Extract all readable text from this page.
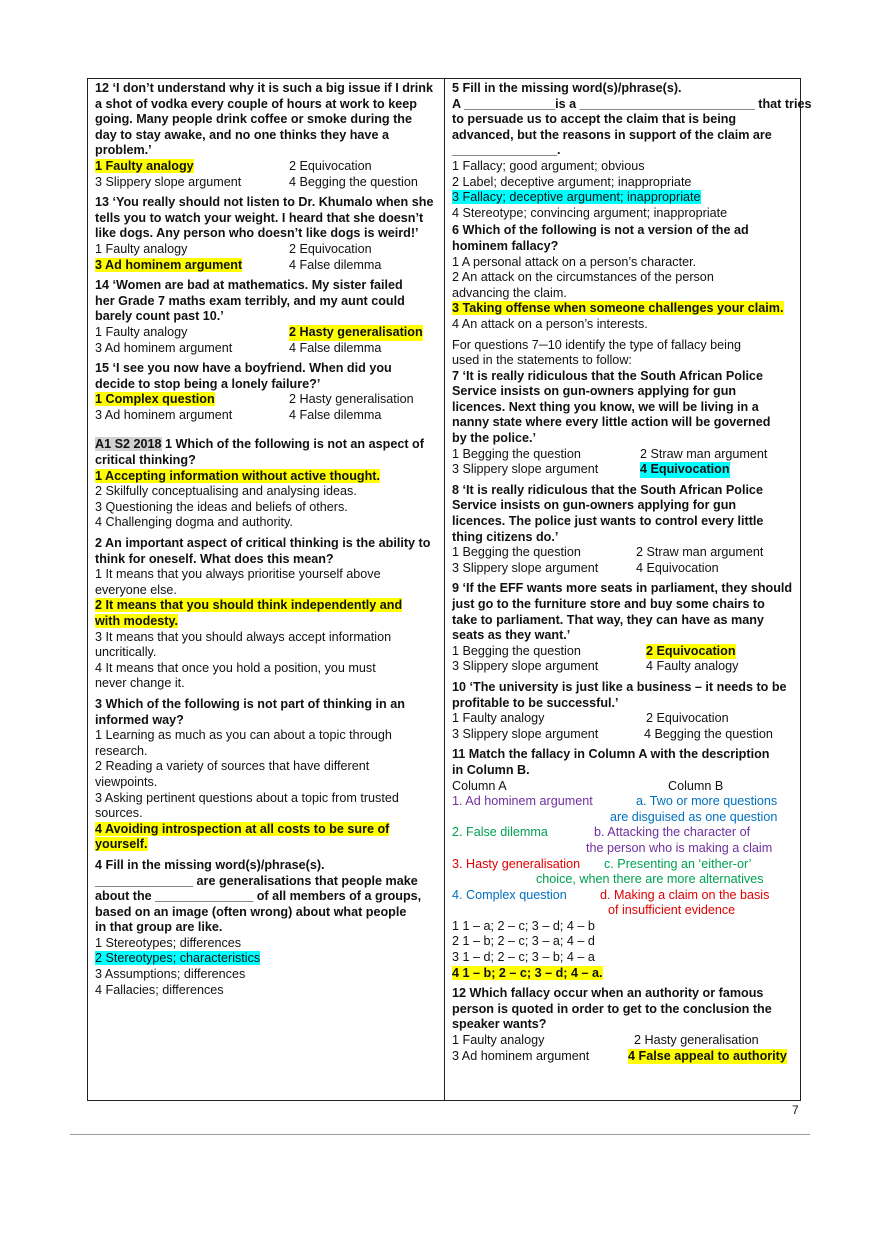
12 ‘I don’t understand why it is such a big issue if I drink
a shot of vodka every couple of hours at work to keep
going. Many people drink coffee or smoke during the
day to stay awake, and no one thinks they have a
problem.’
1 Faulty analogy	2 Equivocation
3 Slippery slope argument	4 Begging the question
13 ‘You really should not listen to Dr. Khumalo when she
tells you to watch your weight. I heard that she doesn’t
like dogs. Any person who doesn’t like dogs is weird!’
1 Faulty analogy	2 Equivocation
3 Ad hominem argument	4 False dilemma
14 ‘Women are bad at mathematics. My sister failed
her Grade 7 maths exam terribly, and my aunt could
barely count past 10.’
1 Faulty analogy	2 Hasty generalisation
3 Ad hominem argument	4 False dilemma
15 ‘I see you now have a boyfriend. When did you
decide to stop being a lonely failure?’
1 Complex question	2 Hasty generalisation
3 Ad hominem argument	4 False dilemma
A1 S2 2018 1 Which of the following is not an aspect of
critical thinking?
1 Accepting information without active thought.
2 Skilfully conceptualising and analysing ideas.
3 Questioning the ideas and beliefs of others.
4 Challenging dogma and authority.
2 An important aspect of critical thinking is the ability to
think for oneself. What does this mean?
1 It means that you always prioritise yourself above
everyone else.
2 It means that you should think independently and
with modesty.
3 It means that you should always accept information
uncritically.
4 It means that once you hold a position, you must
never change it.
3 Which of the following is not part of thinking in an
informed way?
1 Learning as much as you can about a topic through
research.
2 Reading a variety of sources that have different
viewpoints.
3 Asking pertinent questions about a topic from trusted
sources.
4 Avoiding introspection at all costs to be sure of
yourself.
4 Fill in the missing word(s)/phrase(s).
______________ are generalisations that people make
about the ______________ of all members of a groups,
based on an image (often wrong) about what people
in that group are like.
1 Stereotypes; differences
2 Stereotypes; characteristics
3 Assumptions; differences
4 Fallacies; differences
5 Fill in the missing word(s)/phrase(s).
A _____________is a _________________________ that tries
to persuade us to accept the claim that is being
advanced, but the reasons in support of the claim are
_______________.
1 Fallacy; good argument; obvious
2 Label; deceptive argument; inappropriate
3 Fallacy; deceptive argument; inappropriate
4 Stereotype; convincing argument; inappropriate
6 Which of the following is not a version of the ad
hominem fallacy?
1 A personal attack on a person’s character.
2 An attack on the circumstances of the person
advancing the claim.
3 Taking offense when someone challenges your claim.
4 An attack on a person’s interests.
For questions 7─10 identify the type of fallacy being
used in the statements to follow:
7 ‘It is really ridiculous that the South African Police
Service insists on gun-owners applying for gun
licences. Next thing you know, we will be living in a
nanny state where every little action will be governed
by the police.’
1 Begging the question	2 Straw man argument
3 Slippery slope argument	4 Equivocation
8 ‘It is really ridiculous that the South African Police
Service insists on gun-owners applying for gun
licences. The police just wants to control every little
thing citizens do.’
1 Begging the question	2 Straw man argument
3 Slippery slope argument	4 Equivocation
9 ‘If the EFF wants more seats in parliament, they should
just go to the furniture store and buy some chairs to
take to parliament. That way, they can have as many
seats as they want.’
1 Begging the question	2 Equivocation
3 Slippery slope argument	4 Faulty analogy
10 ‘The university is just like a business – it needs to be
profitable to be successful.’
1 Faulty analogy	2 Equivocation
3 Slippery slope argument	4 Begging the question
11 Match the fallacy in Column A with the description
in Column B.
Column A	Column B
1. Ad hominem argument	a. Two or more questions
are disguised as one question
2. False dilemma	b. Attacking the character of
the person who is making a claim
3. Hasty generalisation	c. Presenting an ‘either-or’
choice, when there are more alternatives
4. Complex question	d. Making a claim on the basis
of insufficient evidence
1 1 – a; 2 – c; 3 – d; 4 – b
2 1 – b; 2 – c; 3 – a; 4 – d
3 1 – d; 2 – c; 3 – b; 4 – a
4 1 – b; 2 – c; 3 – d; 4 – a.
12 Which fallacy occur when an authority or famous
person is quoted in order to get to the conclusion the
speaker wants?
1 Faulty analogy	2 Hasty generalisation
3 Ad hominem argument	4 False appeal to authority
7
